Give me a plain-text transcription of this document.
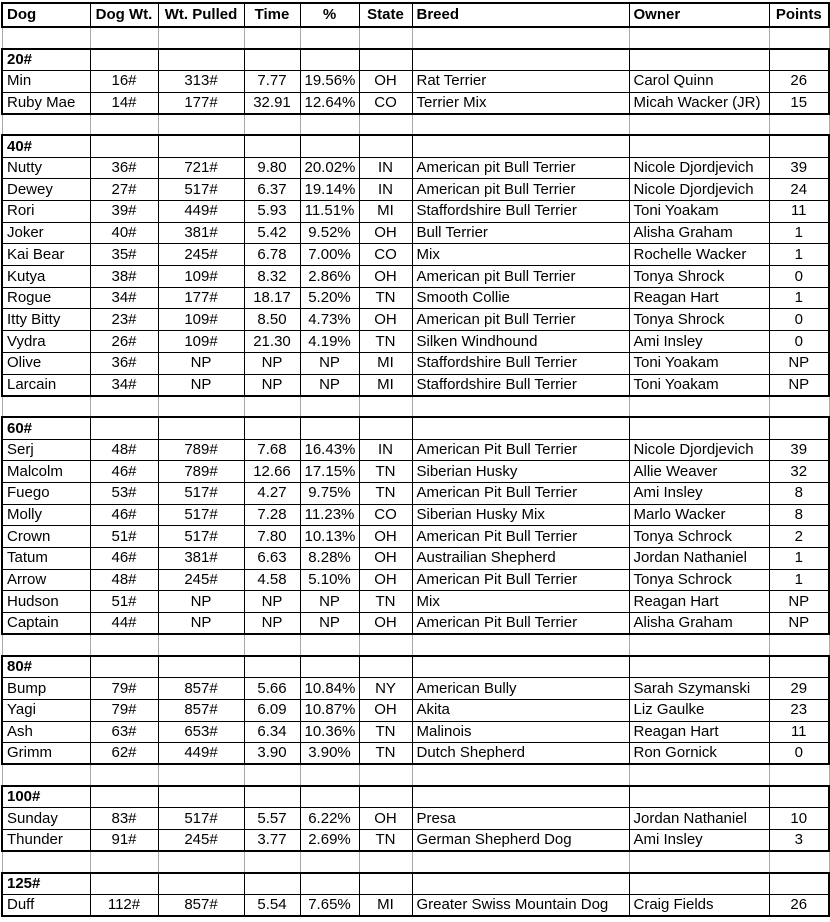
Dog	Dog Wt.	Wt. Pulled	Time	%	State	Breed	Owner	Points

20#								
Min	16#	313#	7.77	19.56%	OH	Rat Terrier	Carol Quinn	26
Ruby Mae	14#	177#	32.91	12.64%	CO	Terrier Mix	Micah Wacker (JR)	15

40#								
Nutty	36#	721#	9.80	20.02%	IN	American pit Bull Terrier	Nicole Djordjevich	39
Dewey	27#	517#	6.37	19.14%	IN	American pit Bull Terrier	Nicole Djordjevich	24
Rori	39#	449#	5.93	11.51%	MI	Staffordshire Bull Terrier	Toni Yoakam	11
Joker	40#	381#	5.42	9.52%	OH	Bull Terrier	Alisha Graham	1
Kai Bear	35#	245#	6.78	7.00%	CO	Mix	Rochelle Wacker	1
Kutya	38#	109#	8.32	2.86%	OH	American pit Bull Terrier	Tonya Shrock	0
Rogue	34#	177#	18.17	5.20%	TN	Smooth Collie	Reagan Hart	1
Itty Bitty	23#	109#	8.50	4.73%	OH	American pit Bull Terrier	Tonya Shrock	0
Vydra	26#	109#	21.30	4.19%	TN	Silken Windhound	Ami Insley	0
Olive	36#	NP	NP	NP	MI	Staffordshire Bull Terrier	Toni Yoakam	NP
Larcain	34#	NP	NP	NP	MI	Staffordshire Bull Terrier	Toni Yoakam	NP

60#								
Serj	48#	789#	7.68	16.43%	IN	American Pit Bull Terrier	Nicole Djordjevich	39
Malcolm	46#	789#	12.66	17.15%	TN	Siberian Husky	Allie Weaver	32
Fuego	53#	517#	4.27	9.75%	TN	American Pit Bull Terrier	Ami Insley	8
Molly	46#	517#	7.28	11.23%	CO	Siberian Husky Mix	Marlo Wacker	8
Crown	51#	517#	7.80	10.13%	OH	American Pit Bull Terrier	Tonya Schrock	2
Tatum	46#	381#	6.63	8.28%	OH	Austrailian Shepherd	Jordan Nathaniel	1
Arrow	48#	245#	4.58	5.10%	OH	American Pit Bull Terrier	Tonya Schrock	1
Hudson	51#	NP	NP	NP	TN	Mix	Reagan Hart	NP
Captain	44#	NP	NP	NP	OH	American Pit Bull Terrier	Alisha Graham	NP

80#								
Bump	79#	857#	5.66	10.84%	NY	American Bully	Sarah Szymanski	29
Yagi	79#	857#	6.09	10.87%	OH	Akita	Liz Gaulke	23
Ash	63#	653#	6.34	10.36%	TN	Malinois	Reagan Hart	11
Grimm	62#	449#	3.90	3.90%	TN	Dutch Shepherd	Ron Gornick	0

100#								
Sunday	83#	517#	5.57	6.22%	OH	Presa	Jordan Nathaniel	10
Thunder	91#	245#	3.77	2.69%	TN	German Shepherd Dog	Ami Insley	3

125#								
Duff	112#	857#	5.54	7.65%	MI	Greater Swiss Mountain Dog	Craig Fields	26
